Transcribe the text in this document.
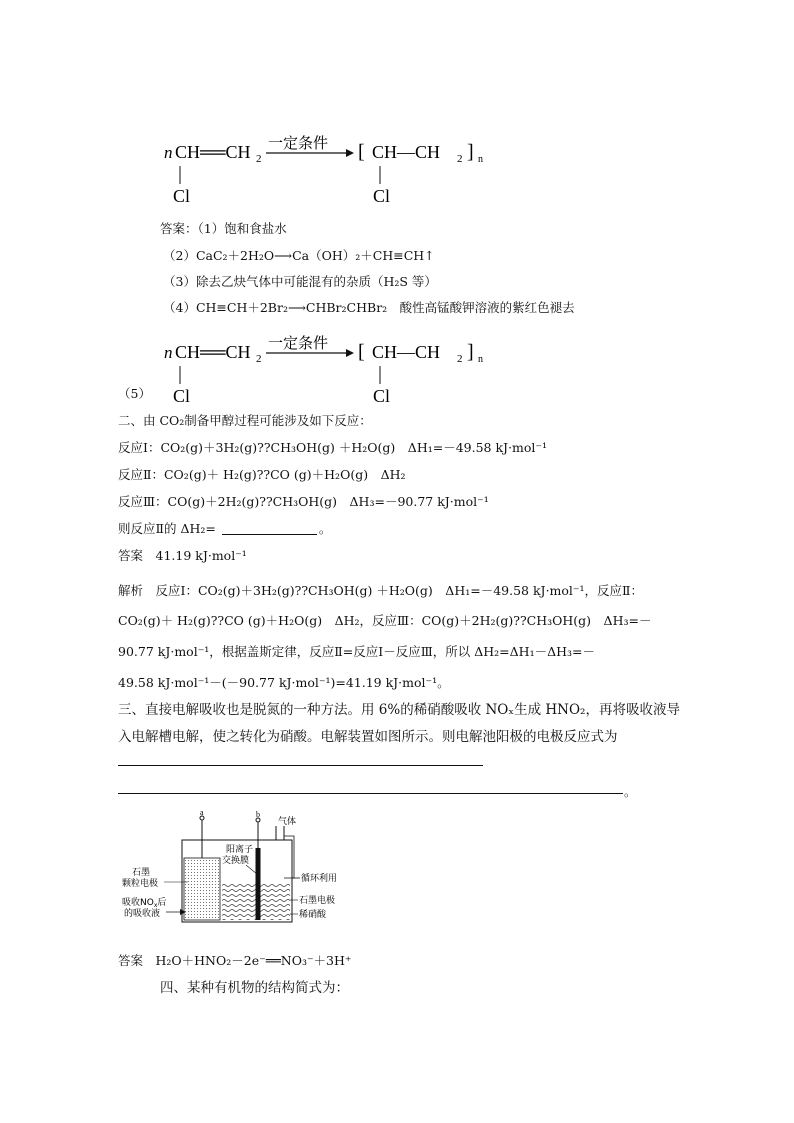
n CH══CH 2
一定条件 [ CH—CH 2 ] n
Cl	Cl
答案：（1）饱和食盐水
（2）CaC₂＋2H₂O⟶Ca（OH）₂＋CH≡CH↑
（3）除去乙炔气体中可能混有的杂质（H₂S 等）
（4）CH≡CH＋2Br₂⟶CHBr₂CHBr₂　酸性高锰酸钾溶液的紫红色褪去
n CH══CH 2
一定条件 [ CH—CH 2 ] n
Cl	Cl
（5）
二、由 CO₂制备甲醇过程可能涉及如下反应：
反应Ⅰ：CO₂(g)＋3H₂(g)??CH₃OH(g) ＋H₂O(g)　ΔH₁=－49.58 kJ·mol⁻¹
反应Ⅱ：CO₂(g)＋ H₂(g)??CO (g)＋H₂O(g)　ΔH₂
反应Ⅲ：CO(g)＋2H₂(g)??CH₃OH(g)　ΔH₃=－90.77 kJ·mol⁻¹
则反应Ⅱ的 ΔH₂=	。
答案　41.19 kJ·mol⁻¹
解析　反应Ⅰ：CO₂(g)＋3H₂(g)??CH₃OH(g) ＋H₂O(g)　ΔH₁=－49.58 kJ·mol⁻¹，反应Ⅱ：
CO₂(g)＋ H₂(g)??CO (g)＋H₂O(g)　ΔH₂，反应Ⅲ：CO(g)＋2H₂(g)??CH₃OH(g)　ΔH₃=－
90.77 kJ·mol⁻¹，根据盖斯定律，反应Ⅱ=反应Ⅰ－反应Ⅲ，所以 ΔH₂=ΔH₁－ΔH₃=－
49.58 kJ·mol⁻¹－(－90.77 kJ·mol⁻¹)=41.19 kJ·mol⁻¹。
三、直接电解吸收也是脱氮的一种方法。用 6%的稀硝酸吸收 NOₓ生成 HNO₂，再将吸收液导
入电解槽电解，使之转化为硝酸。电解装置如图所示。则电解池阳极的电极反应式为
。
a	b
气体
循环利用
阳离子
交换膜
石墨
颗粒电极
吸收$NO_x$后
的吸收液
石墨电极
稀硝酸
答案　H₂O＋HNO₂－2e⁻══NO₃⁻＋3H⁺
四、某种有机物的结构简式为：
